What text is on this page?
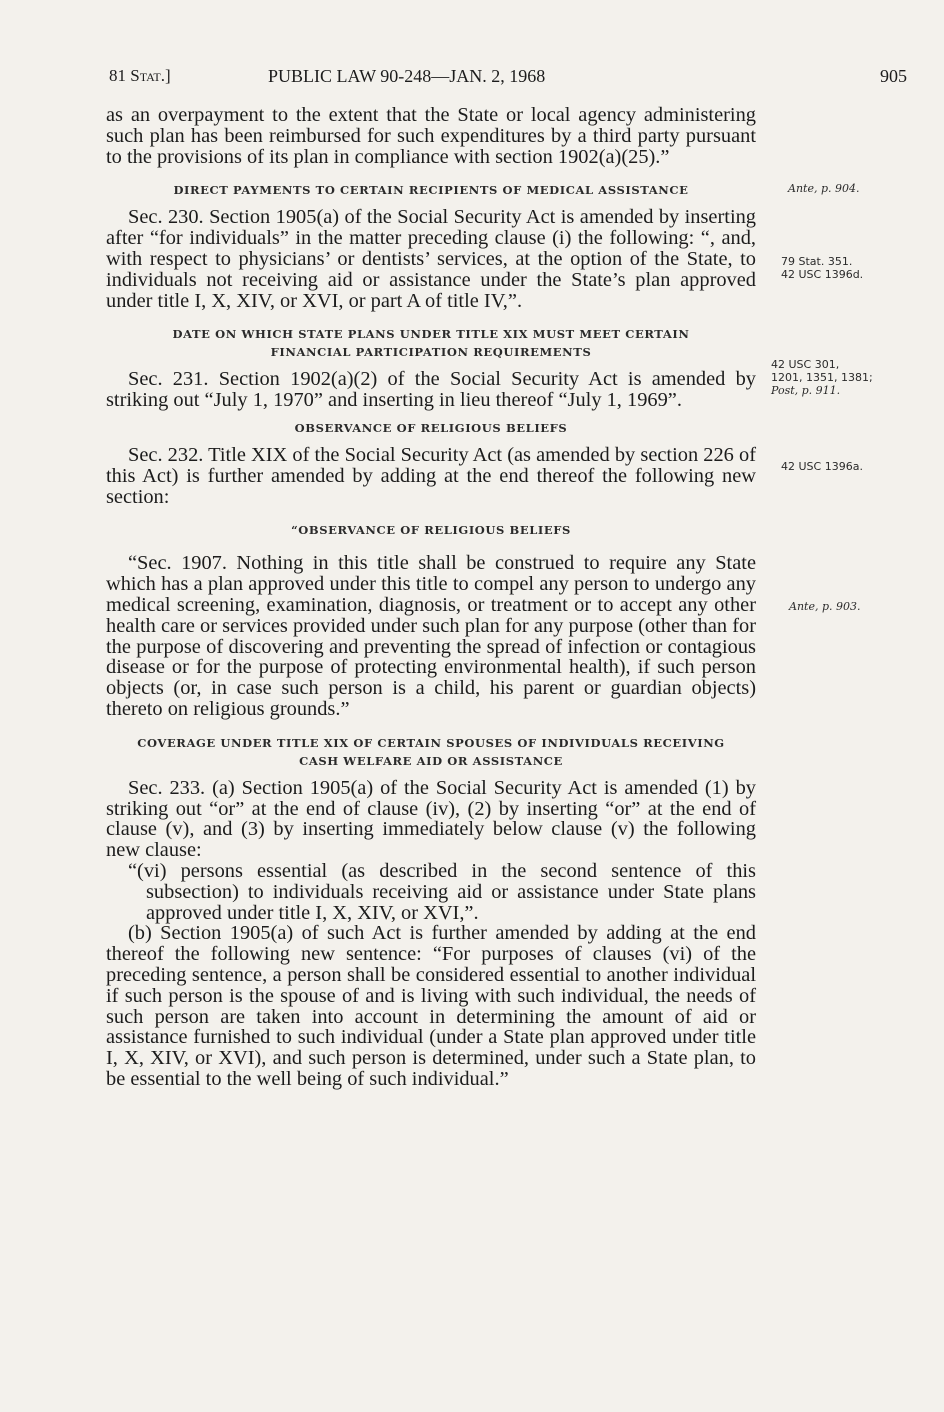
81 Stat.]	PUBLIC LAW 90-248—JAN. 2, 1968	905

as an overpayment to the extent that the State or local agency administering such plan has been reimbursed for such expenditures by a third party pursuant to the provisions of its plan in compliance with section 1902(a)(25).”

DIRECT PAYMENTS TO CERTAIN RECIPIENTS OF MEDICAL ASSISTANCE

Sec. 230. Section 1905(a) of the Social Security Act is amended by inserting after “for individuals” in the matter preceding clause (i) the following: “, and, with respect to physicians’ or dentists’ services, at the option of the State, to individuals not receiving aid or assistance under the State’s plan approved under title I, X, XIV, or XVI, or part A of title IV,”.

DATE ON WHICH STATE PLANS UNDER TITLE XIX MUST MEET CERTAIN

FINANCIAL PARTICIPATION REQUIREMENTS

Sec. 231. Section 1902(a)(2) of the Social Security Act is amended by striking out “July 1, 1970” and inserting in lieu thereof “July 1, 1969”.

OBSERVANCE OF RELIGIOUS BELIEFS

Sec. 232. Title XIX of the Social Security Act (as amended by section 226 of this Act) is further amended by adding at the end thereof the following new section:

“OBSERVANCE OF RELIGIOUS BELIEFS

“Sec. 1907. Nothing in this title shall be construed to require any State which has a plan approved under this title to compel any person to undergo any medical screening, examination, diagnosis, or treatment or to accept any other health care or services provided under such plan for any purpose (other than for the purpose of discovering and preventing the spread of infection or contagious disease or for the purpose of protecting environmental health), if such person objects (or, in case such person is a child, his parent or guardian objects) thereto on religious grounds.”

COVERAGE UNDER TITLE XIX OF CERTAIN SPOUSES OF INDIVIDUALS RECEIVING

CASH WELFARE AID OR ASSISTANCE

Sec. 233. (a) Section 1905(a) of the Social Security Act is amended (1) by striking out “or” at the end of clause (iv), (2) by inserting “or” at the end of clause (v), and (3) by inserting immediately below clause (v) the following new clause:

“(vi) persons essential (as described in the second sentence of this subsection) to individuals receiving aid or assistance under State plans approved under title I, X, XIV, or XVI,”.

(b) Section 1905(a) of such Act is further amended by adding at the end thereof the following new sentence: “For purposes of clauses (vi) of the preceding sentence, a person shall be considered essential to another individual if such person is the spouse of and is living with such individual, the needs of such person are taken into account in determining the amount of aid or assistance furnished to such individual (under a State plan approved under title I, X, XIV, or XVI), and such person is determined, under such a State plan, to be essential to the well being of such individual.”

Ante, p. 904.
79 Stat. 351.
42 USC 1396d.
42 USC 301,
1201, 1351, 1381;
Post, p. 911.
42 USC 1396a.
Ante, p. 903.
